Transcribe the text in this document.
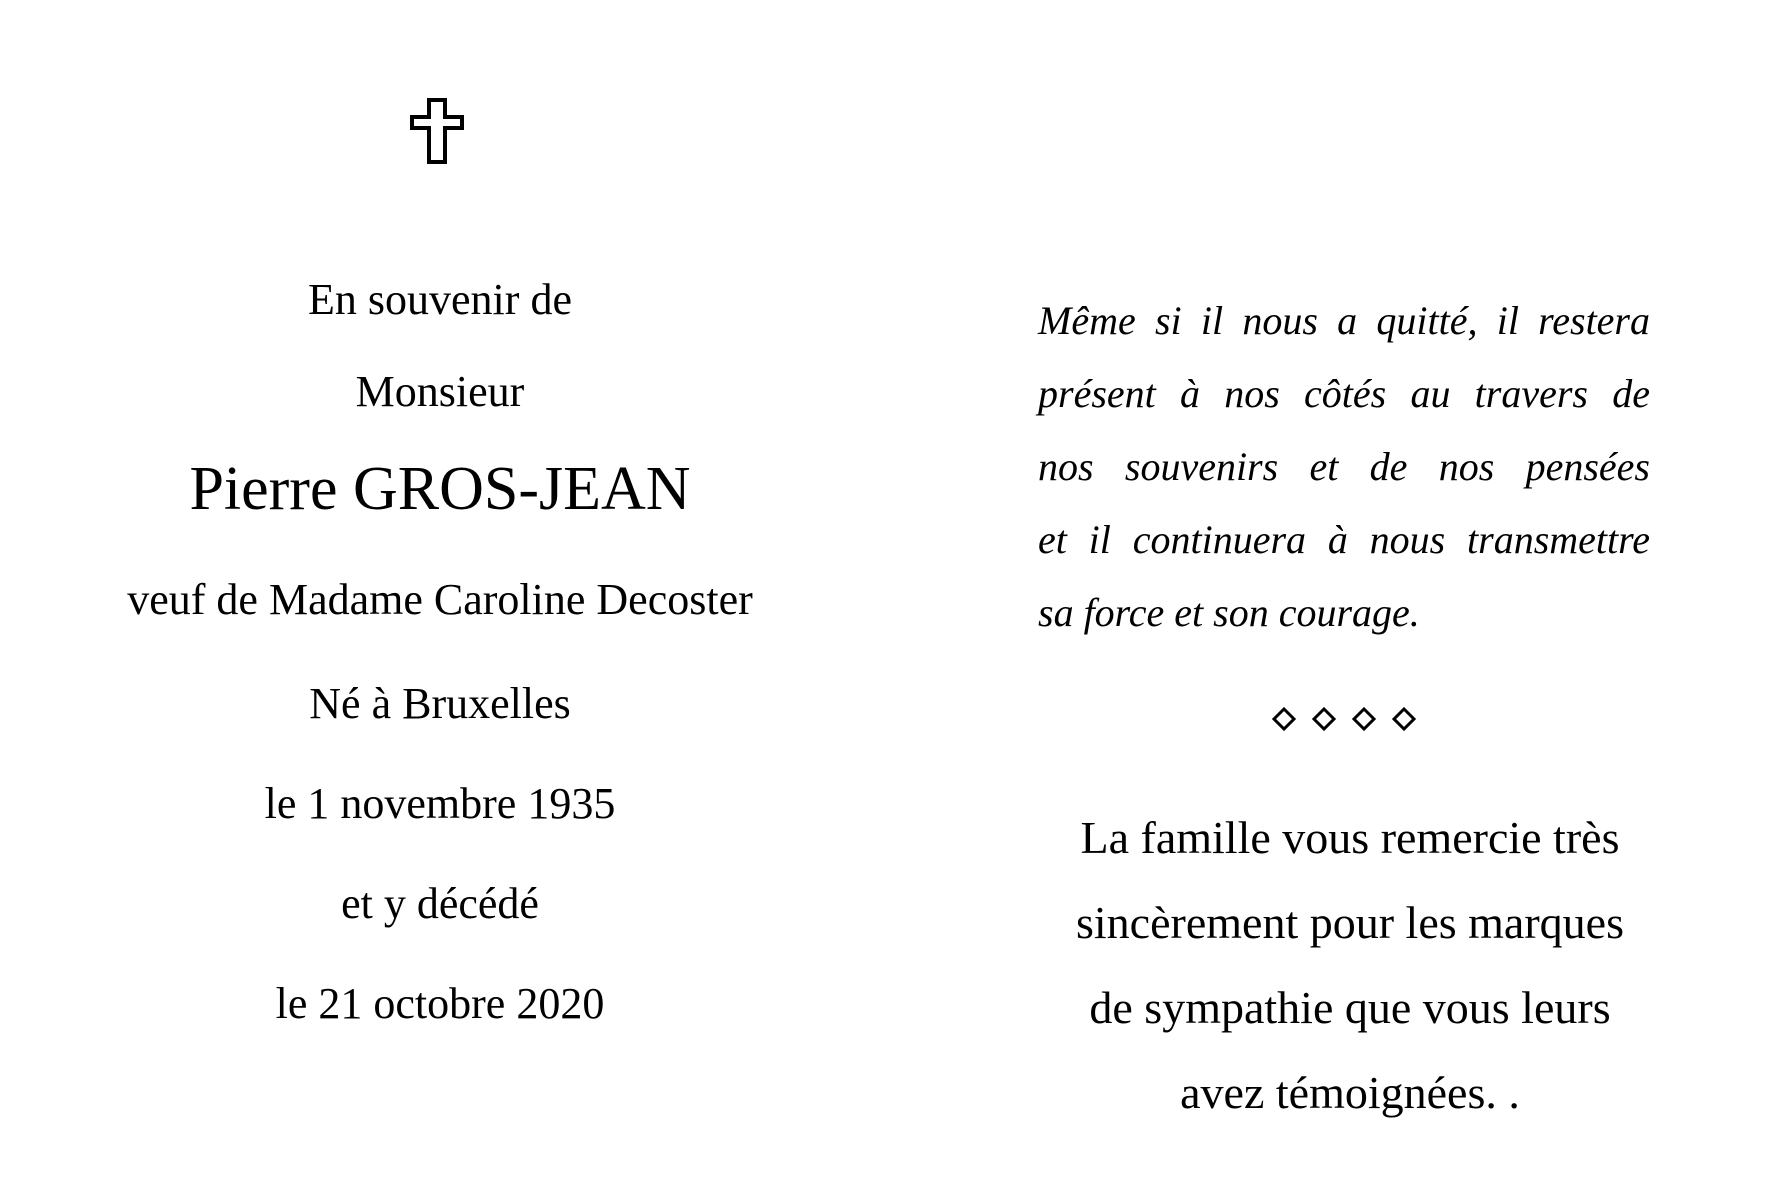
En souvenir de
Monsieur
Pierre GROS-JEAN
veuf de Madame Caroline Decoster
Né à Bruxelles
le 1 novembre 1935
et y décédé
le 21 octobre 2020
Même si il nous a quitté, il restera
présent à nos côtés au travers de
nos souvenirs et de nos pensées
et il continuera à nous transmettre
sa force et son courage.
La famille vous remercie très
sincèrement pour les marques
de sympathie que vous leurs
avez témoignées. .
